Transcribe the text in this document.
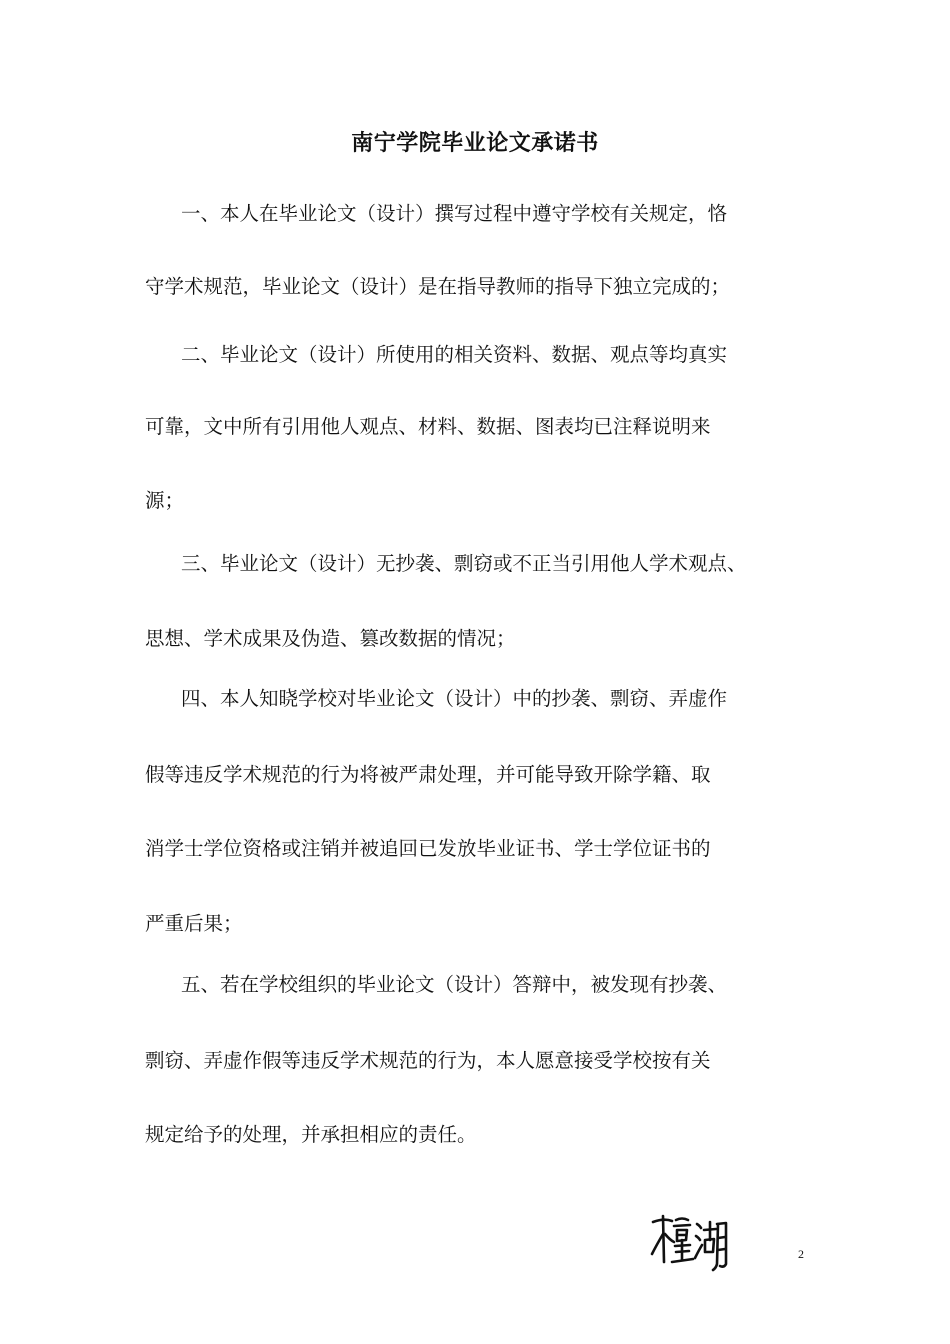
南宁学院毕业论文承诺书
一、本人在毕业论文（设计）撰写过程中遵守学校有关规定，恪
守学术规范，毕业论文（设计）是在指导教师的指导下独立完成的；
二、毕业论文（设计）所使用的相关资料、数据、观点等均真实
可靠，文中所有引用他人观点、材料、数据、图表均已注释说明来
源；
三、毕业论文（设计）无抄袭、剽窃或不正当引用他人学术观点、
思想、学术成果及伪造、篡改数据的情况；
四、本人知晓学校对毕业论文（设计）中的抄袭、剽窃、弄虚作
假等违反学术规范的行为将被严肃处理，并可能导致开除学籍、取
消学士学位资格或注销并被追回已发放毕业证书、学士学位证书的
严重后果；
五、若在学校组织的毕业论文（设计）答辩中，被发现有抄袭、
剽窃、弄虚作假等违反学术规范的行为，本人愿意接受学校按有关
规定给予的处理，并承担相应的责任。
2
